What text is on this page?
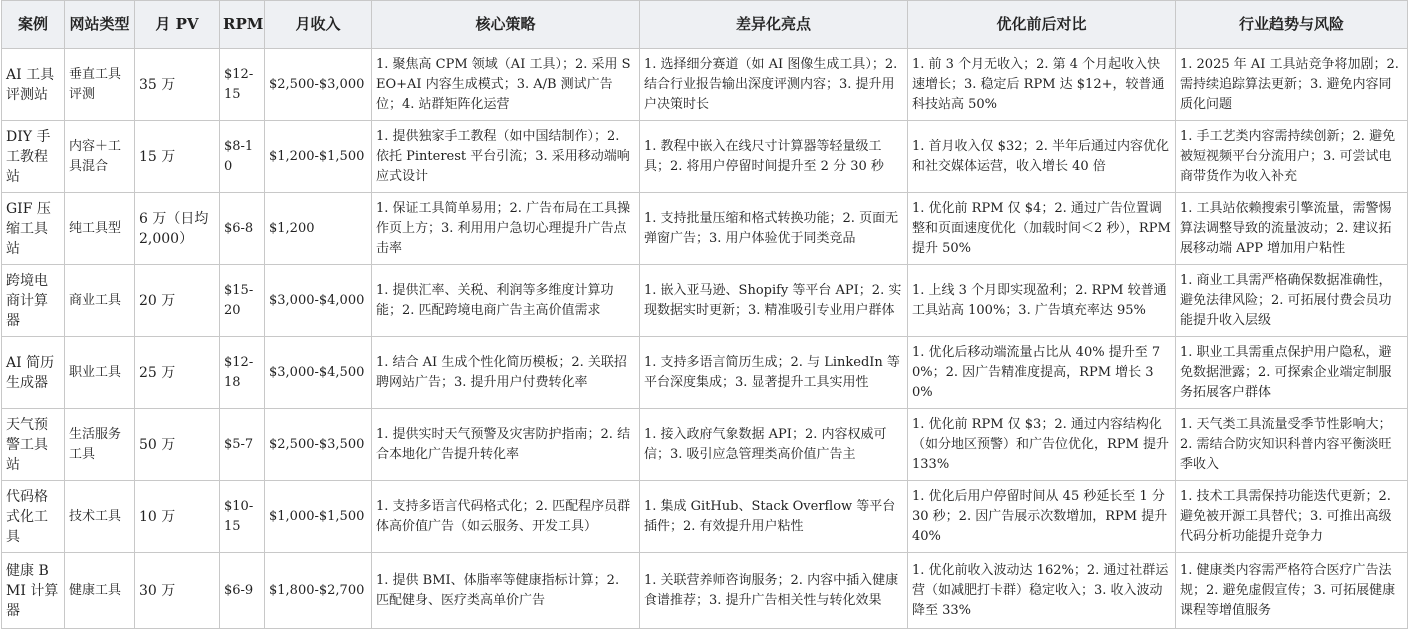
案例	网站类型	月 PV	RPM	月收入	核心策略	差异化亮点	优化前后对比	行业趋势与风险
AI 工具评测站	垂直工具评测	35 万	$12-15	$2,500-$3,000	1. 聚焦高 CPM 领域（AI 工具）；2. 采用 SEO+AI 内容生成模式；3. A/B 测试广告位；4. 站群矩阵化运营	1. 选择细分赛道（如 AI 图像生成工具）；2. 结合行业报告输出深度评测内容；3. 提升用户决策时长	1. 前 3 个月无收入；2. 第 4 个月起收入快速增长；3. 稳定后 RPM 达 $12+，较普通科技站高 50%	1. 2025 年 AI 工具站竞争将加剧；2. 需持续追踪算法更新；3. 避免内容同质化问题
DIY 手工教程站	内容＋工具混合	15 万	$8-10	$1,200-$1,500	1. 提供独家手工教程（如中国结制作）；2. 依托 Pinterest 平台引流；3. 采用移动端响应式设计	1. 教程中嵌入在线尺寸计算器等轻量级工具；2. 将用户停留时间提升至 2 分 30 秒	1. 首月收入仅 $32；2. 半年后通过内容优化和社交媒体运营，收入增长 40 倍	1. 手工艺类内容需持续创新；2. 避免被短视频平台分流用户；3. 可尝试电商带货作为收入补充
GIF 压缩工具站	纯工具型	6 万（日均 2,000）	$6-8	$1,200	1. 保证工具简单易用；2. 广告布局在工具操作页上方；3. 利用用户急切心理提升广告点击率	1. 支持批量压缩和格式转换功能；2. 页面无弹窗广告；3. 用户体验优于同类竞品	1. 优化前 RPM 仅 $4；2. 通过广告位置调整和页面速度优化（加载时间＜2 秒），RPM 提升 50%	1. 工具站依赖搜索引擎流量，需警惕算法调整导致的流量波动；2. 建议拓展移动端 APP 增加用户粘性
跨境电商计算器	商业工具	20 万	$15-20	$3,000-$4,000	1. 提供汇率、关税、利润等多维度计算功能；2. 匹配跨境电商广告主高价值需求	1. 嵌入亚马逊、Shopify 等平台 API；2. 实现数据实时更新；3. 精准吸引专业用户群体	1. 上线 3 个月即实现盈利；2. RPM 较普通工具站高 100%；3. 广告填充率达 95%	1. 商业工具需严格确保数据准确性，避免法律风险；2. 可拓展付费会员功能提升收入层级
AI 简历生成器	职业工具	25 万	$12-18	$3,000-$4,500	1. 结合 AI 生成个性化简历模板；2. 关联招聘网站广告；3. 提升用户付费转化率	1. 支持多语言简历生成；2. 与 LinkedIn 等平台深度集成；3. 显著提升工具实用性	1. 优化后移动端流量占比从 40% 提升至 70%；2. 因广告精准度提高，RPM 增长 30%	1. 职业工具需重点保护用户隐私，避免数据泄露；2. 可探索企业端定制服务拓展客户群体
天气预警工具站	生活服务工具	50 万	$5-7	$2,500-$3,500	1. 提供实时天气预警及灾害防护指南；2. 结合本地化广告提升转化率	1. 接入政府气象数据 API；2. 内容权威可信；3. 吸引应急管理类高价值广告主	1. 优化前 RPM 仅 $3；2. 通过内容结构化（如分地区预警）和广告位优化，RPM 提升 133%	1. 天气类工具流量受季节性影响大；2. 需结合防灾知识科普内容平衡淡旺季收入
代码格式化工具	技术工具	10 万	$10-15	$1,000-$1,500	1. 支持多语言代码格式化；2. 匹配程序员群体高价值广告（如云服务、开发工具）	1. 集成 GitHub、Stack Overflow 等平台插件；2. 有效提升用户粘性	1. 优化后用户停留时间从 45 秒延长至 1 分 30 秒；2. 因广告展示次数增加，RPM 提升 40%	1. 技术工具需保持功能迭代更新；2. 避免被开源工具替代；3. 可推出高级代码分析功能提升竞争力
健康 BMI 计算器	健康工具	30 万	$6-9	$1,800-$2,700	1. 提供 BMI、体脂率等健康指标计算；2. 匹配健身、医疗类高单价广告	1. 关联营养师咨询服务；2. 内容中插入健康食谱推荐；3. 提升广告相关性与转化效果	1. 优化前收入波动达 162%；2. 通过社群运营（如减肥打卡群）稳定收入；3. 收入波动降至 33%	1. 健康类内容需严格符合医疗广告法规；2. 避免虚假宣传；3. 可拓展健康课程等增值服务
